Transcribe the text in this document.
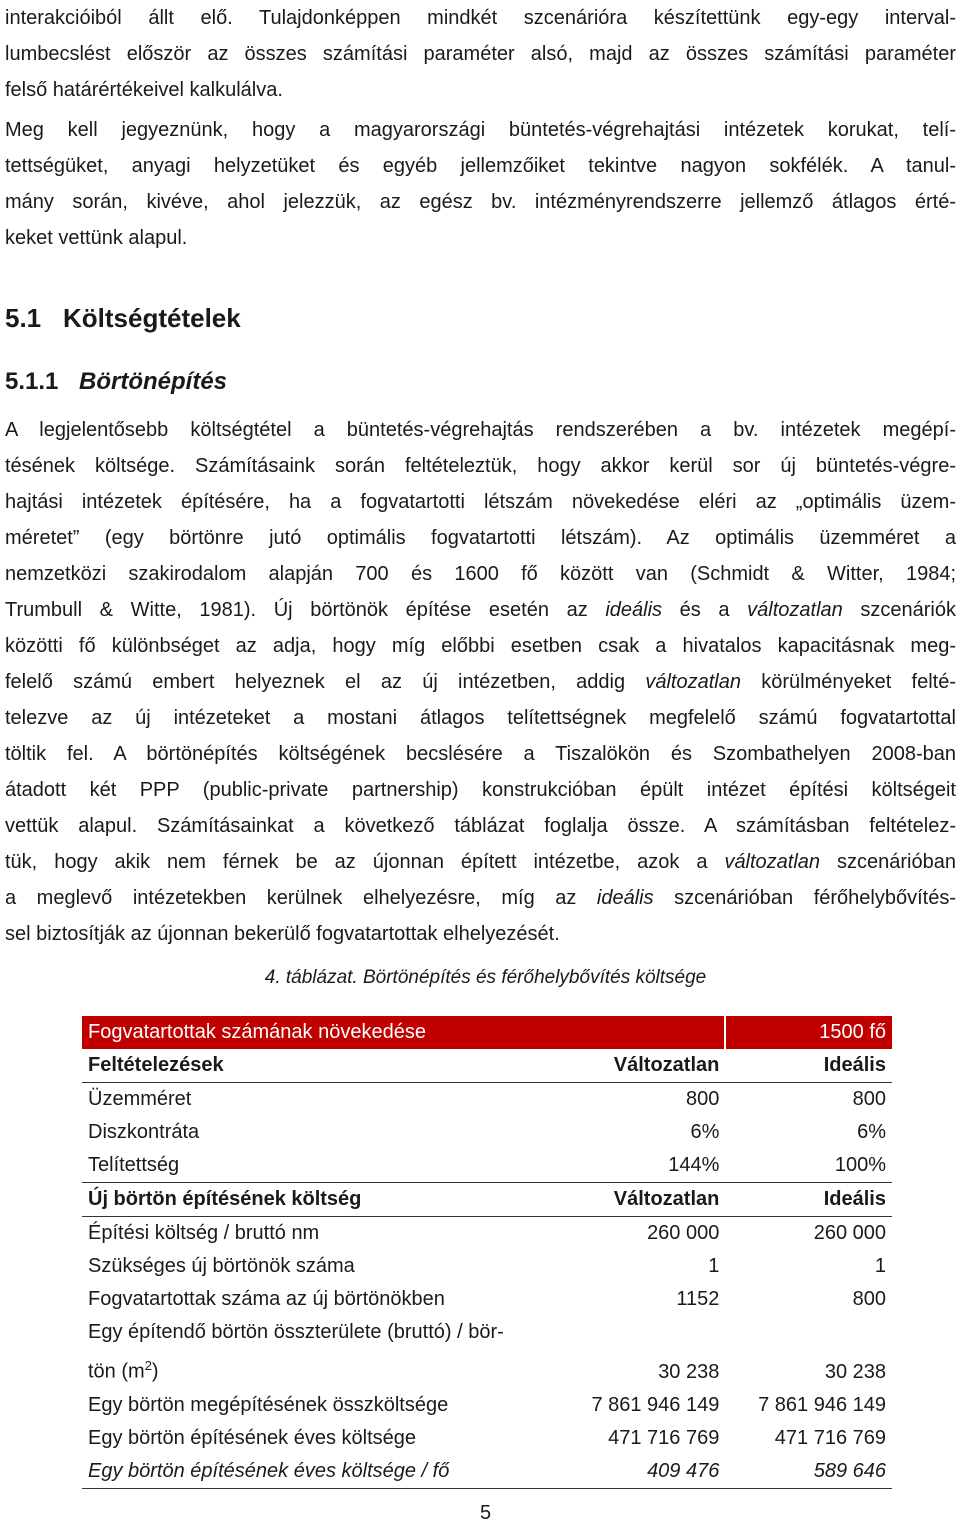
interakcióiból állt elő. Tulajdonképpen mindkét szcenárióra készítettünk egy-egy interval-
lumbecslést először az összes számítási paraméter alsó, majd az összes számítási paraméter
felső határértékeivel kalkulálva.
Meg kell jegyeznünk, hogy a magyarországi büntetés-végrehajtási intézetek korukat, telí-
tettségüket, anyagi helyzetüket és egyéb jellemzőiket tekintve nagyon sokfélék. A tanul-
mány során, kivéve, ahol jelezzük, az egész bv. intézményrendszerre jellemző átlagos érté-
keket vettünk alapul.
5.1 Költségtételek
5.1.1 Börtönépítés
A legjelentősebb költségtétel a büntetés-végrehajtás rendszerében a bv. intézetek megépí-
tésének költsége. Számításaink során feltételeztük, hogy akkor kerül sor új büntetés-végre-
hajtási intézetek építésére, ha a fogvatartotti létszám növekedése eléri az „optimális üzem-
méretet” (egy börtönre jutó optimális fogvatartotti létszám). Az optimális üzemméret a
nemzetközi szakirodalom alapján 700 és 1600 fő között van (Schmidt & Witter, 1984;
Trumbull & Witte, 1981). Új börtönök építése esetén az ideális és a változatlan szcenáriók
közötti fő különbséget az adja, hogy míg előbbi esetben csak a hivatalos kapacitásnak meg-
felelő számú embert helyeznek el az új intézetben, addig változatlan körülményeket felté-
telezve az új intézeteket a mostani átlagos telítettségnek megfelelő számú fogvatartottal
töltik fel. A börtönépítés költségének becslésére a Tiszalökön és Szombathelyen 2008-ban
átadott két PPP (public-private partnership) konstrukcióban épült intézet építési költségeit
vettük alapul. Számításainkat a következő táblázat foglalja össze. A számításban feltételez-
tük, hogy akik nem férnek be az újonnan épített intézetbe, azok a változatlan szcenárióban
a meglevő intézetekben kerülnek elhelyezésre, míg az ideális szcenárióban férőhelybővítés-
sel biztosítják az újonnan bekerülő fogvatartottak elhelyezését.

4. táblázat. Börtönépítés és férőhelybővítés költsége

Fogvatartottak számának növekedése		1500 fő
Feltételezések	Változatlan	Ideális
Üzemméret	800	800
Diszkontráta	6%	6%
Telítettség	144%	100%
Új börtön építésének költség	Változatlan	Ideális
Építési költség / bruttó nm	260 000	260 000
Szükséges új börtönök száma	1	1
Fogvatartottak száma az új börtönökben	1152	800
Egy építendő börtön összterülete (bruttó) / bör-
tön $(m^2)$	30 238	30 238
Egy börtön megépítésének összköltsége	7 861 946 149	7 861 946 149
Egy börtön építésének éves költsége	471 716 769	471 716 769
Egy börtön építésének éves költsége / fő	409 476	589 646

5
